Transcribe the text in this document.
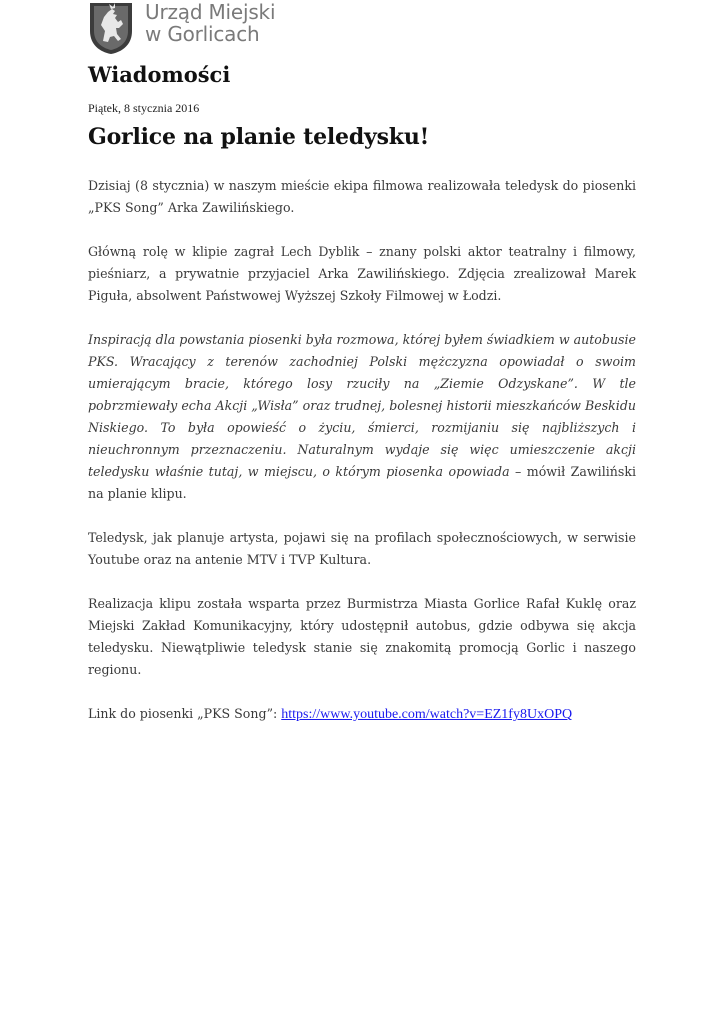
Urząd Miejski
w Gorlicach
Wiadomości
Piątek, 8 stycznia 2016
Gorlice na planie teledysku!

Dzisiaj (8 stycznia) w naszym mieście ekipa filmowa realizowała teledysk do piosenki „PKS Song” Arka Zawilińskiego.

Główną rolę w klipie zagrał Lech Dyblik – znany polski aktor teatralny i filmowy, pieśniarz, a prywatnie przyjaciel Arka Zawilińskiego. Zdjęcia zrealizował Marek Piguła, absolwent Państwowej Wyższej Szkoły Filmowej w Łodzi.

Inspiracją dla powstania piosenki była rozmowa, której byłem świadkiem w autobusie PKS. Wracający z terenów zachodniej Polski mężczyzna opowiadał o swoim umierającym bracie, którego losy rzuciły na „Ziemie Odzyskane”. W tle pobrzmiewały echa Akcji „Wisła” oraz trudnej, bolesnej historii mieszkańców Beskidu Niskiego. To była opowieść o życiu, śmierci, rozmijaniu się najbliższych i nieuchronnym przeznaczeniu. Naturalnym wydaje się więc umieszczenie akcji teledysku właśnie tutaj, w miejscu, o którym piosenka opowiada – mówił Zawiliński na planie klipu.

Teledysk, jak planuje artysta, pojawi się na profilach społecznościowych, w serwisie Youtube oraz na antenie MTV i TVP Kultura.

Realizacja klipu została wsparta przez Burmistrza Miasta Gorlice Rafał Kuklę oraz Miejski Zakład Komunikacyjny, który udostępnił autobus, gdzie odbywa się akcja teledysku. Niewątpliwie teledysk stanie się znakomitą promocją Gorlic i naszego regionu.

Link do piosenki „PKS Song”: https://www.youtube.com/watch?v=EZ1fy8UxOPQ
